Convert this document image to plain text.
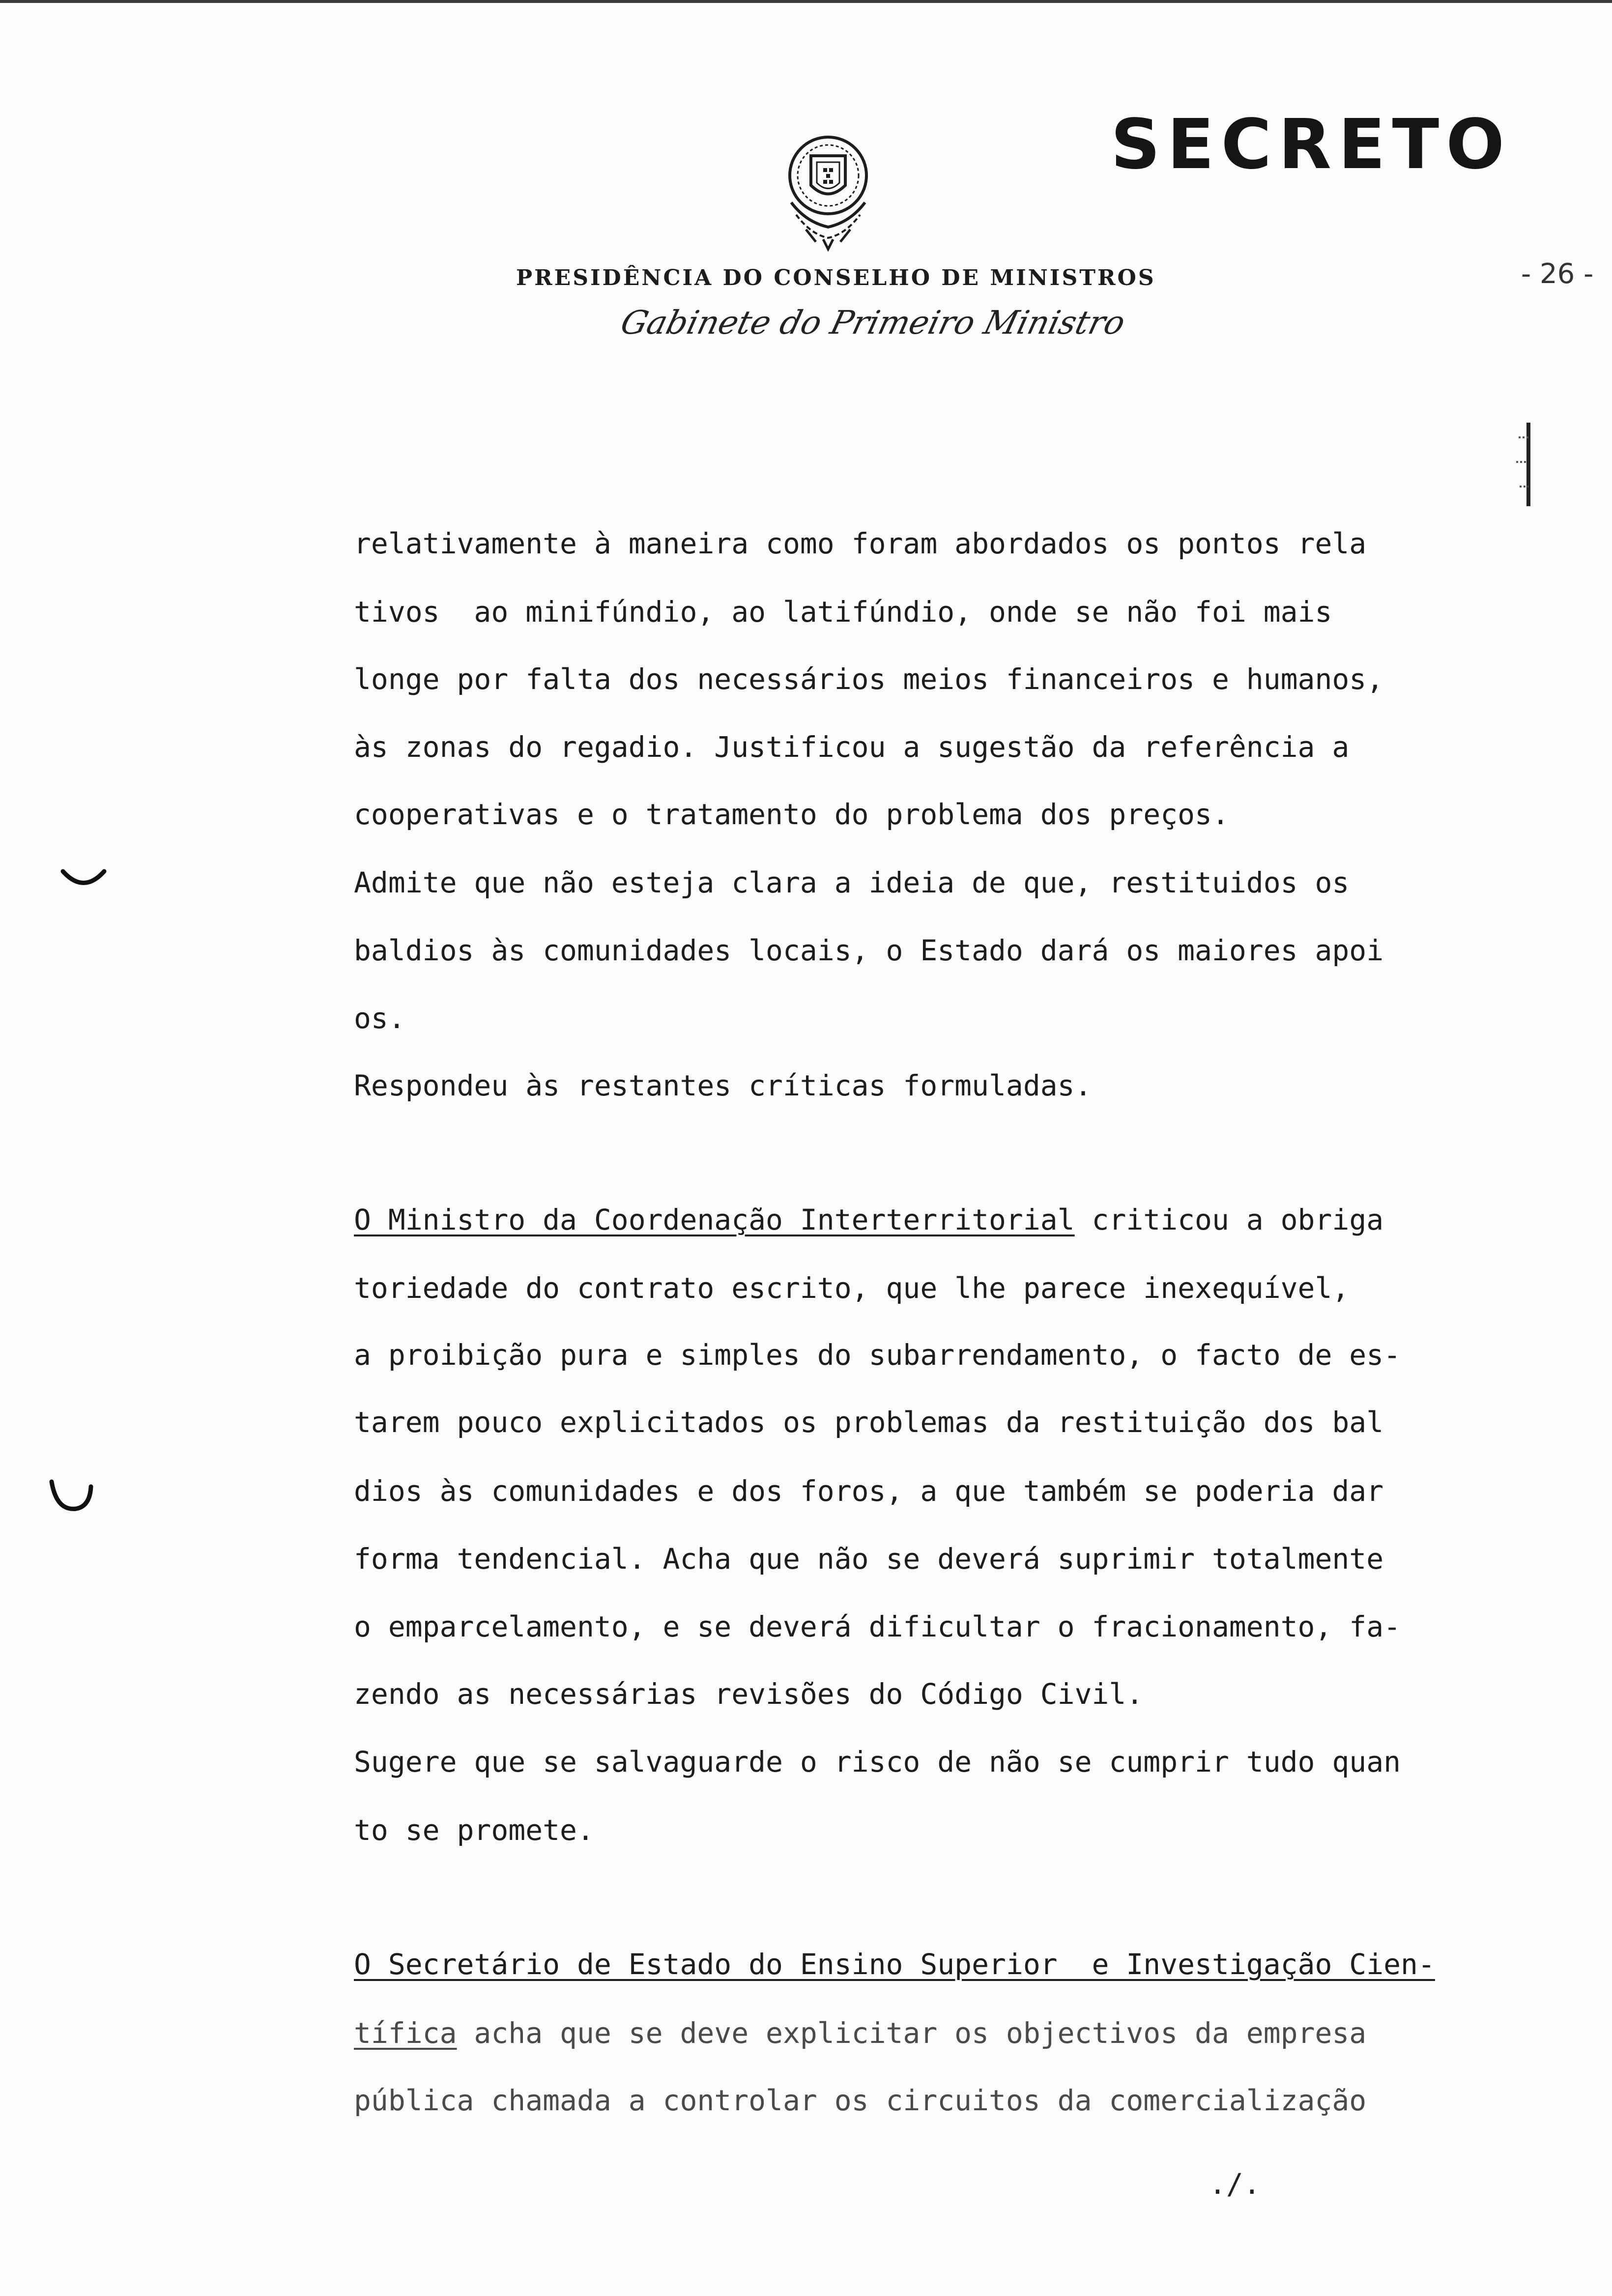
SECRETO
PRESIDÊNCIA DO CONSELHO DE MINISTROS
Gabinete do Primeiro Ministro
- 26 -
relativamente à maneira como foram abordados os pontos rela
tivos  ao minifúndio, ao latifúndio, onde se não foi mais
longe por falta dos necessários meios financeiros e humanos,
às zonas do regadio. Justificou a sugestão da referência a
cooperativas e o tratamento do problema dos preços.
Admite que não esteja clara a ideia de que, restituidos os
baldios às comunidades locais, o Estado dará os maiores apoi
os.
Respondeu às restantes críticas formuladas.
O Ministro da Coordenação Interterritorial criticou a obriga
toriedade do contrato escrito, que lhe parece inexequível,
a proibição pura e simples do subarrendamento, o facto de es-
tarem pouco explicitados os problemas da restituição dos bal
dios às comunidades e dos foros, a que também se poderia dar
forma tendencial. Acha que não se deverá suprimir totalmente
o emparcelamento, e se deverá dificultar o fracionamento, fa-
zendo as necessárias revisões do Código Civil.
Sugere que se salvaguarde o risco de não se cumprir tudo quan
to se promete.
O Secretário de Estado do Ensino Superior  e Investigação Cien-
tífica acha que se deve explicitar os objectivos da empresa
pública chamada a controlar os circuitos da comercialização
./.
